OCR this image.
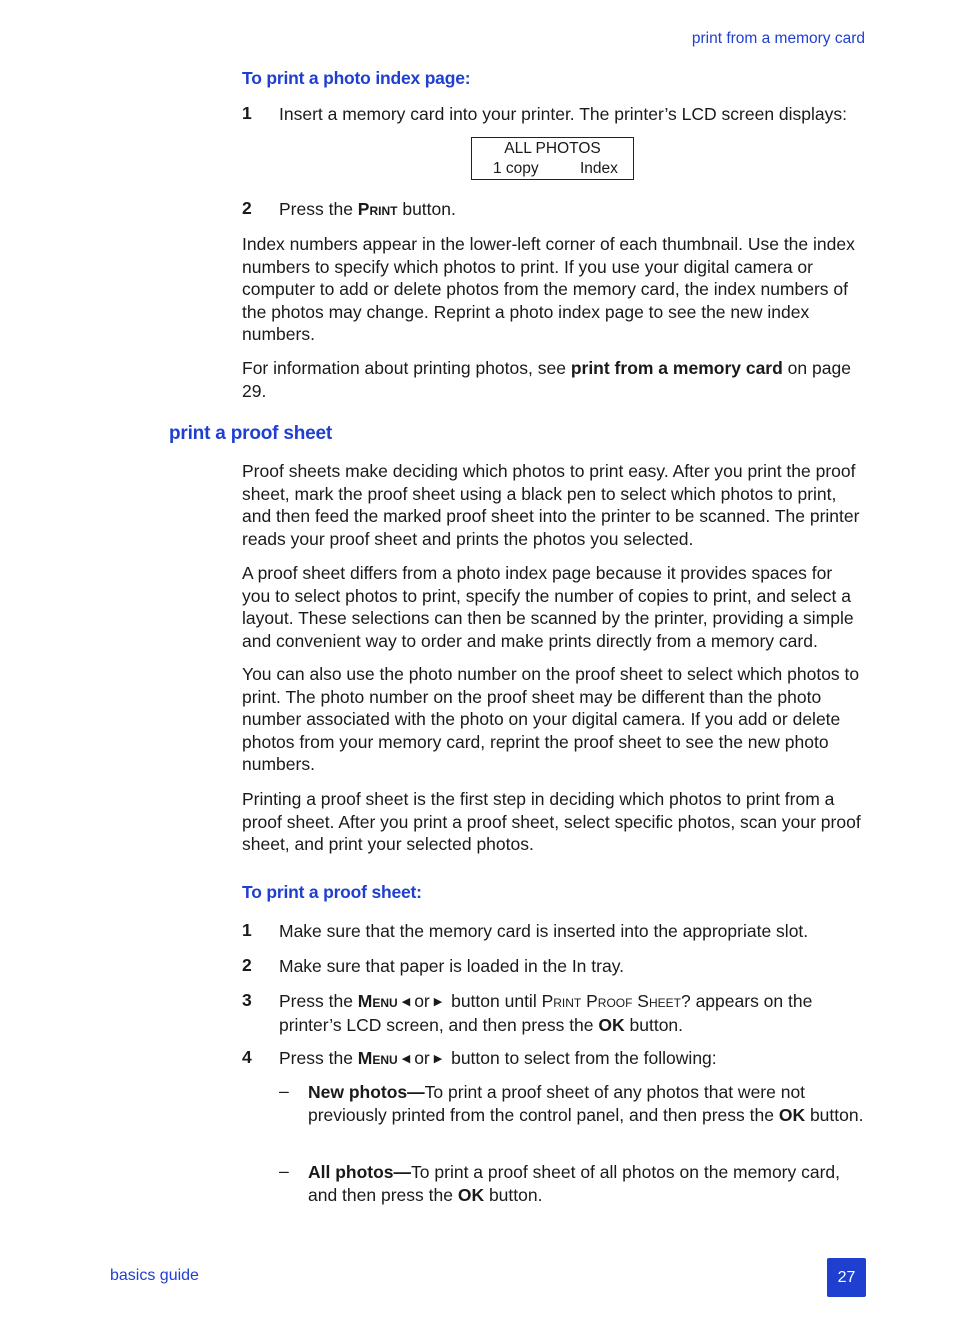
print from a memory card
To print a photo index page:
1 Insert a memory card into your printer. The printer’s LCD screen displays:
ALL PHOTOS
1 copy	Index
2 Press the Print button.
Index numbers appear in the lower-left corner of each thumbnail. Use the index numbers to specify which photos to print. If you use your digital camera or computer to add or delete photos from the memory card, the index numbers of the photos may change. Reprint a photo index page to see the new index numbers.
For information about printing photos, see print from a memory card on page 29.
print a proof sheet
Proof sheets make deciding which photos to print easy. After you print the proof sheet, mark the proof sheet using a black pen to select which photos to print, and then feed the marked proof sheet into the printer to be scanned. The printer reads your proof sheet and prints the photos you selected.
A proof sheet differs from a photo index page because it provides spaces for you to select photos to print, specify the number of copies to print, and select a layout. These selections can then be scanned by the printer, providing a simple and convenient way to order and make prints directly from a memory card.
You can also use the photo number on the proof sheet to select which photos to print. The photo number on the proof sheet may be different than the photo number associated with the photo on your digital camera. If you add or delete photos from your memory card, reprint the proof sheet to see the new photo numbers.
Printing a proof sheet is the first step in deciding which photos to print from a proof sheet. After you print a proof sheet, select specific photos, scan your proof sheet, and print your selected photos.
To print a proof sheet:
1 Make sure that the memory card is inserted into the appropriate slot.
2 Make sure that paper is loaded in the In tray.
3 Press the Menu ◀ or ▶ button until Print Proof Sheet? appears on the printer’s LCD screen, and then press the OK button.
4 Press the Menu ◀ or ▶ button to select from the following:
– New photos—To print a proof sheet of any photos that were not previously printed from the control panel, and then press the OK button.
– All photos—To print a proof sheet of all photos on the memory card, and then press the OK button.
basics guide	27
